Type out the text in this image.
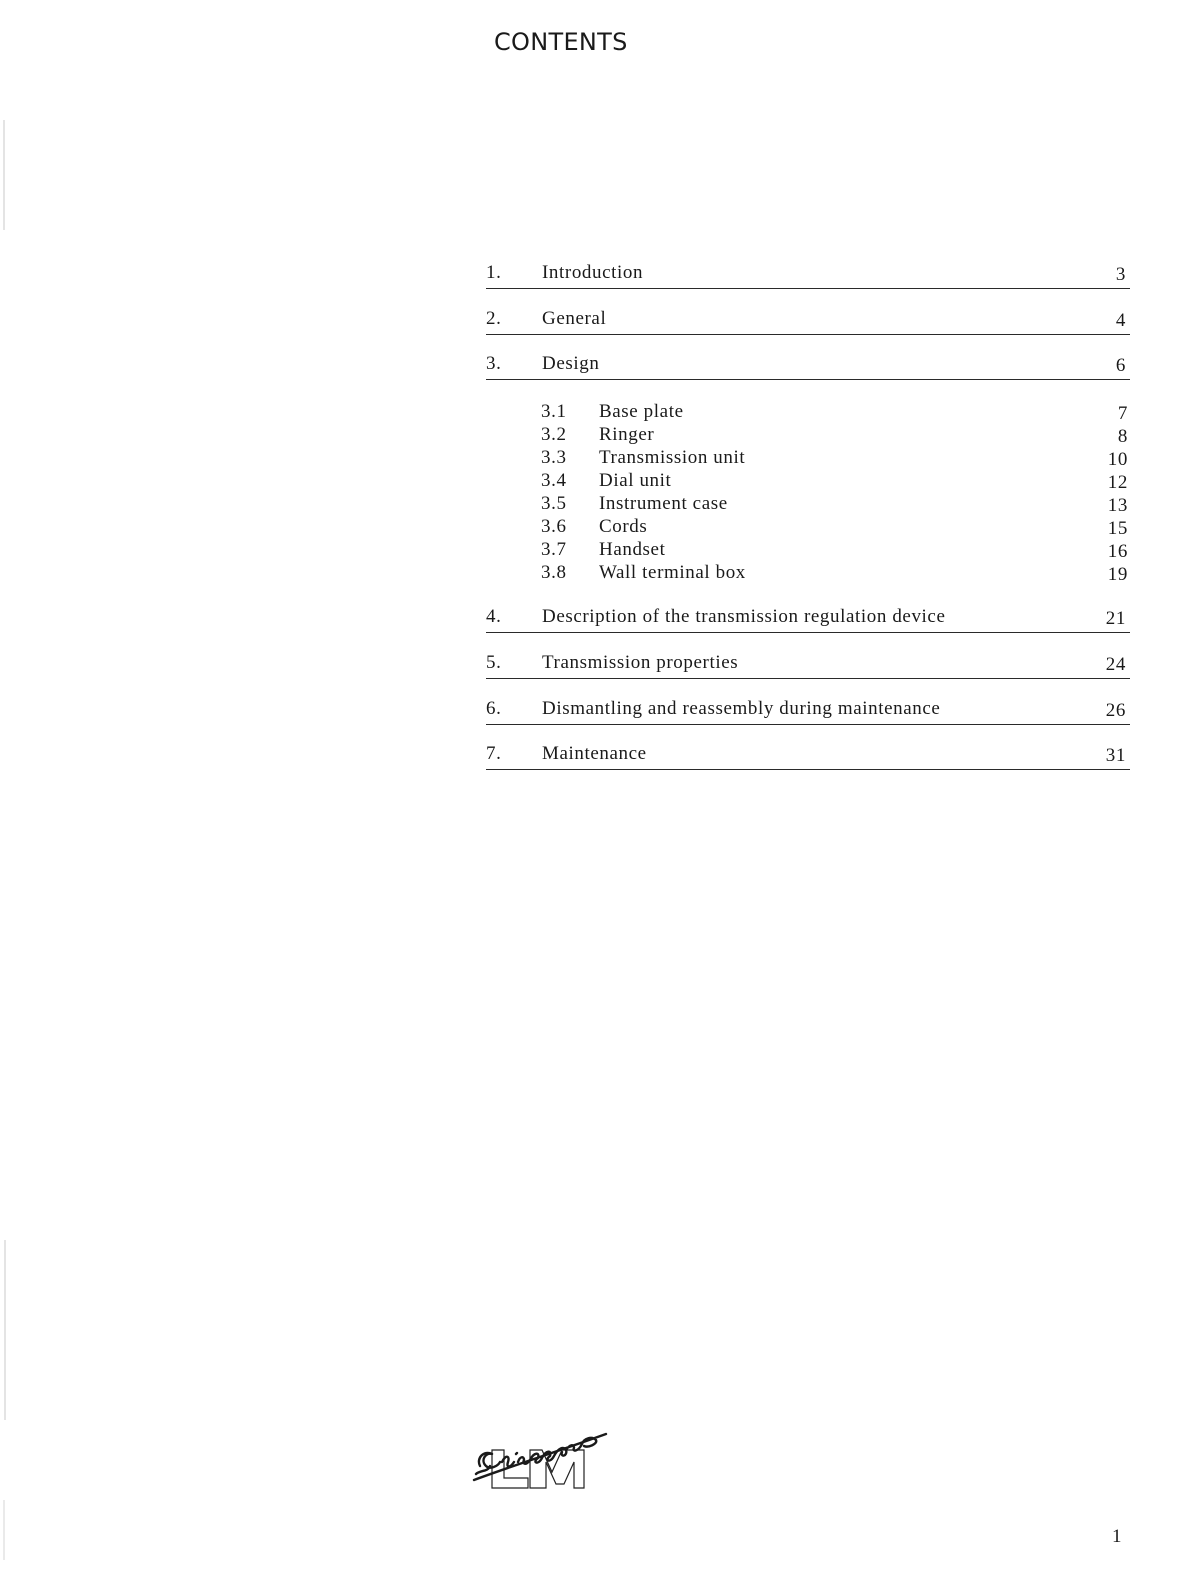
CONTENTS
1. Introduction	3
2. General	4
3. Design	6
3.1 Base plate	7
3.2 Ringer	8
3.3 Transmission unit	10
3.4 Dial unit	12
3.5 Instrument case	13
3.6 Cords	15
3.7 Handset	16
3.8 Wall terminal box	19
4. Description of the transmission regulation device	21
5. Transmission properties	24
6. Dismantling and reassembly during maintenance	26
7. Maintenance	31
1
